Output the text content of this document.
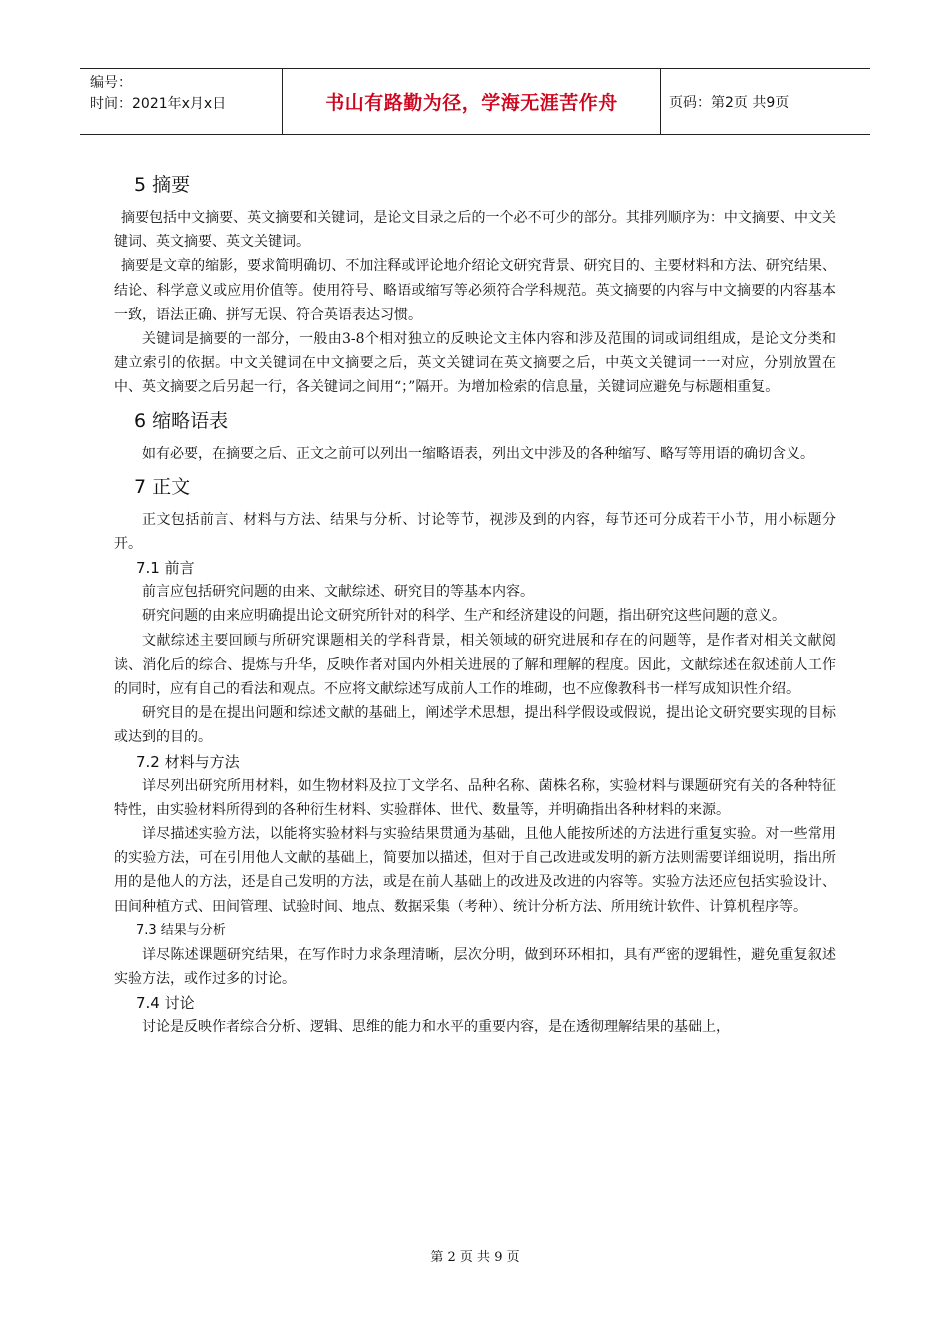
编号：
时间：2021年x月x日	书山有路勤为径，学海无涯苦作舟	页码：第2页 共9页
5 摘要

摘要包括中文摘要、英文摘要和关键词，是论文目录之后的一个必不可少的部分。其排列顺序为：中文摘要、中文关键词、英文摘要、英文关键词。

摘要是文章的缩影，要求简明确切、不加注释或评论地介绍论文研究背景、研究目的、主要材料和方法、研究结果、结论、科学意义或应用价值等。使用符号、略语或缩写等必须符合学科规范。英文摘要的内容与中文摘要的内容基本一致，语法正确、拼写无误、符合英语表达习惯。

关键词是摘要的一部分，一般由3-8个相对独立的反映论文主体内容和涉及范围的词或词组组成，是论文分类和建立索引的依据。中文关键词在中文摘要之后，英文关键词在英文摘要之后，中英文关键词一一对应，分别放置在中、英文摘要之后另起一行，各关键词之间用“；”隔开。为增加检索的信息量，关键词应避免与标题相重复。

6 缩略语表

如有必要，在摘要之后、正文之前可以列出一缩略语表，列出文中涉及的各种缩写、略写等用语的确切含义。

7 正文

正文包括前言、材料与方法、结果与分析、讨论等节，视涉及到的内容，每节还可分成若干小节，用小标题分开。

7.1 前言

前言应包括研究问题的由来、文献综述、研究目的等基本内容。

研究问题的由来应明确提出论文研究所针对的科学、生产和经济建设的问题，指出研究这些问题的意义。

文献综述主要回顾与所研究课题相关的学科背景，相关领域的研究进展和存在的问题等，是作者对相关文献阅读、消化后的综合、提炼与升华，反映作者对国内外相关进展的了解和理解的程度。因此，文献综述在叙述前人工作的同时，应有自己的看法和观点。不应将文献综述写成前人工作的堆砌，也不应像教科书一样写成知识性介绍。

研究目的是在提出问题和综述文献的基础上，阐述学术思想，提出科学假设或假说，提出论文研究要实现的目标或达到的目的。

7.2 材料与方法

详尽列出研究所用材料，如生物材料及拉丁文学名、品种名称、菌株名称，实验材料与课题研究有关的各种特征特性，由实验材料所得到的各种衍生材料、实验群体、世代、数量等，并明确指出各种材料的来源。

详尽描述实验方法，以能将实验材料与实验结果贯通为基础，且他人能按所述的方法进行重复实验。对一些常用的实验方法，可在引用他人文献的基础上，简要加以描述，但对于自己改进或发明的新方法则需要详细说明，指出所用的是他人的方法，还是自己发明的方法，或是在前人基础上的改进及改进的内容等。实验方法还应包括实验设计、田间种植方式、田间管理、试验时间、地点、数据采集（考种）、统计分析方法、所用统计软件、计算机程序等。

7.3 结果与分析

详尽陈述课题研究结果，在写作时力求条理清晰，层次分明，做到环环相扣，具有严密的逻辑性，避免重复叙述实验方法，或作过多的讨论。

7.4 讨论

讨论是反映作者综合分析、逻辑、思维的能力和水平的重要内容，是在透彻理解结果的基础上，

第 2 页 共 9 页
